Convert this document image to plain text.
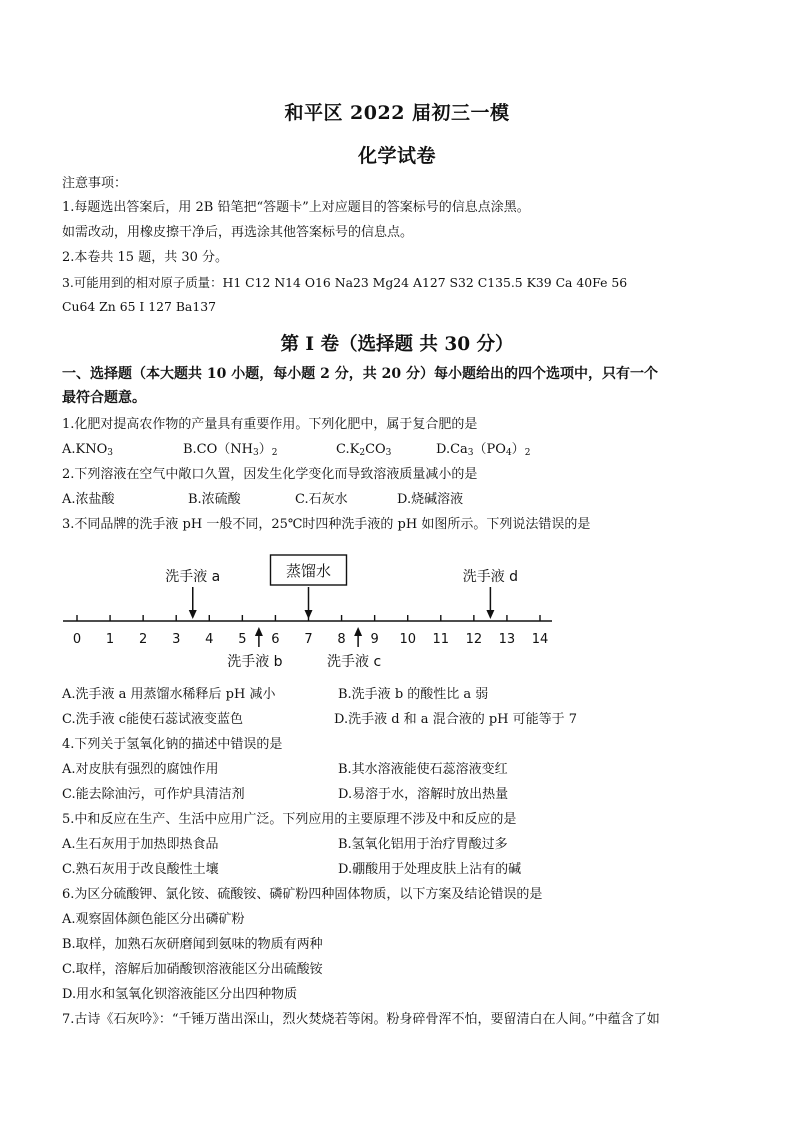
和平区 2022 届初三一模
化学试卷
注意事项：
1.每题选出答案后，用 2B 铅笔把“答题卡”上对应题目的答案标号的信息点涂黑。
如需改动，用橡皮擦干净后，再选涂其他答案标号的信息点。
2.本卷共 15 题，共 30 分。
3.可能用到的相对原子质量：H1 C12 N14 O16 Na23 Mg24 A127 S32 C135.5 K39 Ca 40Fe 56
Cu64 Zn 65 I 127 Ba137
第 I 卷（选择题 共 30 分）
一、选择题（本大题共 10 小题，每小题 2 分，共 20 分）每小题给出的四个选项中，只有一个
最符合题意。
1.化肥对提高农作物的产量具有重要作用。下列化肥中，属于复合肥的是
$A.KNO_3$	$B.CO(NH_3)_2$	$C.K_2CO_3$	$D.Ca_3(PO_4)_2$
2.下列溶液在空气中敞口久置，因发生化学变化而导致溶液质量减小的是
A.浓盐酸	B.浓硫酸	C.石灰水	D.烧碱溶液
3.不同品牌的洗手液 pH 一般不同，25℃时四种洗手液的 pH 如图所示。下列说法错误的是
0 1 2 3 4 5 6 7 8 9 10 11 12 13 14
洗手液 a	蒸馏水	洗手液 d
洗手液 b	洗手液 c
A.洗手液 a 用蒸馏水稀释后 pH 减小	B.洗手液 b 的酸性比 a 弱
C.洗手液 c能使石蕊试液变蓝色	D.洗手液 d 和 a 混合液的 pH 可能等于 7
4.下列关于氢氧化钠的描述中错误的是
A.对皮肤有强烈的腐蚀作用	B.其水溶液能使石蕊溶液变红
C.能去除油污，可作炉具清洁剂	D.易溶于水，溶解时放出热量
5.中和反应在生产、生活中应用广泛。下列应用的主要原理不涉及中和反应的是
A.生石灰用于加热即热食品	B.氢氧化铝用于治疗胃酸过多
C.熟石灰用于改良酸性土壤	D.硼酸用于处理皮肤上沾有的碱
6.为区分硫酸钾、氯化铵、硫酸铵、磷矿粉四种固体物质，以下方案及结论错误的是
A.观察固体颜色能区分出磷矿粉
B.取样，加熟石灰研磨闻到氨味的物质有两种
C.取样，溶解后加硝酸钡溶液能区分出硫酸铵
D.用水和氢氧化钡溶液能区分出四种物质
7.古诗《石灰吟》：“千锤万凿出深山，烈火焚烧若等闲。粉身碎骨浑不怕，要留清白在人间。”中蕴含了如
